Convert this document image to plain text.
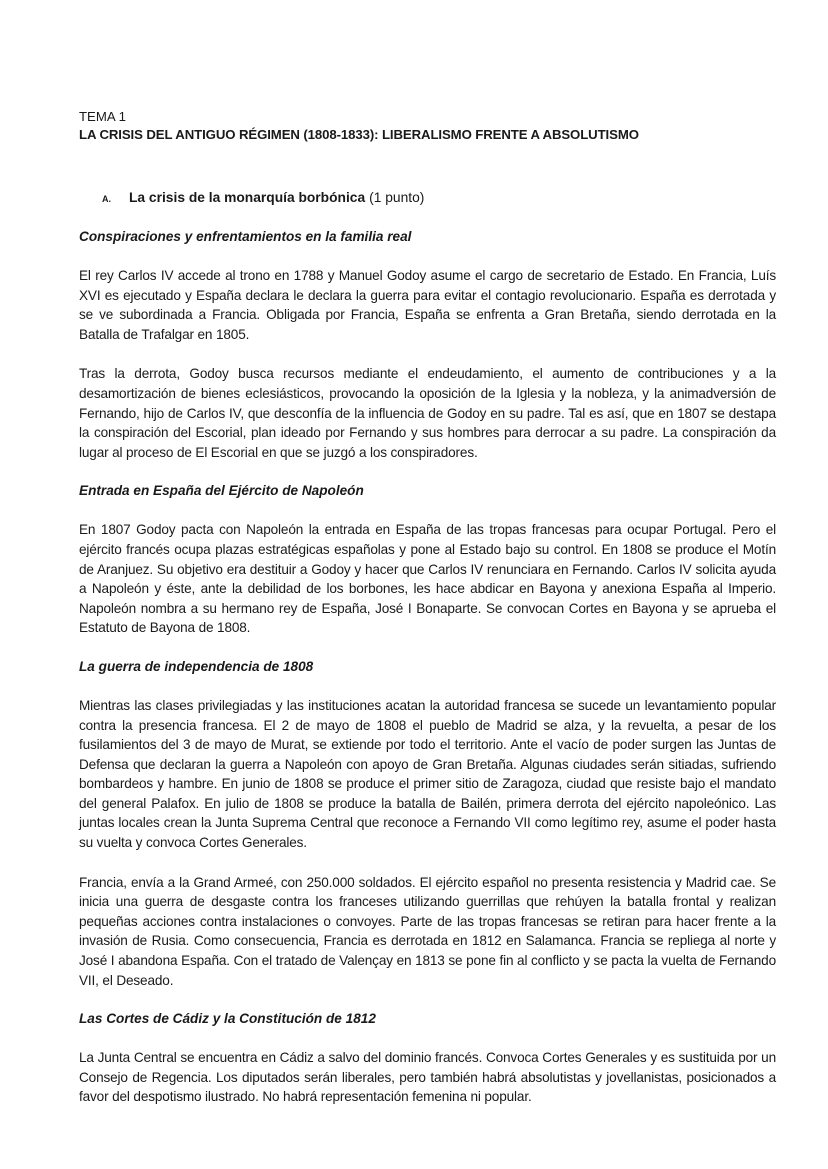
TEMA 1

LA CRISIS DEL ANTIGUO RÉGIMEN (1808-1833): LIBERALISMO FRENTE A ABSOLUTISMO

A.	La crisis de la monarquía borbónica (1 punto)

Conspiraciones y enfrentamientos en la familia real

El rey Carlos IV accede al trono en 1788 y Manuel Godoy asume el cargo de secretario de Estado. En Francia, Luís XVI es ejecutado y España declara le declara la guerra para evitar el contagio revolucionario. España es derrotada y se ve subordinada a Francia. Obligada por Francia, España se enfrenta a Gran Bretaña, siendo derrotada en la Batalla de Trafalgar en 1805.

Tras la derrota, Godoy busca recursos mediante el endeudamiento, el aumento de contribuciones y a la desamortización de bienes eclesiásticos, provocando la oposición de la Iglesia y la nobleza, y la animadversión de Fernando, hijo de Carlos IV, que desconfía de la influencia de Godoy en su padre. Tal es así, que en 1807 se destapa la conspiración del Escorial, plan ideado por Fernando y sus hombres para derrocar a su padre. La conspiración da lugar al proceso de El Escorial en que se juzgó a los conspiradores.

Entrada en España del Ejército de Napoleón

En 1807 Godoy pacta con Napoleón la entrada en España de las tropas francesas para ocupar Portugal. Pero el ejército francés ocupa plazas estratégicas españolas y pone al Estado bajo su control. En 1808 se produce el Motín de Aranjuez. Su objetivo era destituir a Godoy y hacer que Carlos IV renunciara en Fernando. Carlos IV solicita ayuda a Napoleón y éste, ante la debilidad de los borbones, les hace abdicar en Bayona y anexiona España al Imperio. Napoleón nombra a su hermano rey de España, José I Bonaparte. Se convocan Cortes en Bayona y se aprueba el Estatuto de Bayona de 1808.

La guerra de independencia de 1808

Mientras las clases privilegiadas y las instituciones acatan la autoridad francesa se sucede un levantamiento popular contra la presencia francesa. El 2 de mayo de 1808 el pueblo de Madrid se alza, y la revuelta, a pesar de los fusilamientos del 3 de mayo de Murat, se extiende por todo el territorio. Ante el vacío de poder surgen las Juntas de Defensa que declaran la guerra a Napoleón con apoyo de Gran Bretaña. Algunas ciudades serán sitiadas, sufriendo bombardeos y hambre. En junio de 1808 se produce el primer sitio de Zaragoza, ciudad que resiste bajo el mandato del general Palafox. En julio de 1808 se produce la batalla de Bailén, primera derrota del ejército napoleónico. Las juntas locales crean la Junta Suprema Central que reconoce a Fernando VII como legítimo rey, asume el poder hasta su vuelta y convoca Cortes Generales.

Francia, envía a la Grand Armeé, con 250.000 soldados. El ejército español no presenta resistencia y Madrid cae. Se inicia una guerra de desgaste contra los franceses utilizando guerrillas que rehúyen la batalla frontal y realizan pequeñas acciones contra instalaciones o convoyes. Parte de las tropas francesas se retiran para hacer frente a la invasión de Rusia. Como consecuencia, Francia es derrotada en 1812 en Salamanca. Francia se repliega al norte y José I abandona España. Con el tratado de Valençay en 1813 se pone fin al conflicto y se pacta la vuelta de Fernando VII, el Deseado.

Las Cortes de Cádiz y la Constitución de 1812

La Junta Central se encuentra en Cádiz a salvo del dominio francés. Convoca Cortes Generales y es sustituida por un Consejo de Regencia. Los diputados serán liberales, pero también habrá absolutistas y jovellanistas, posicionados a favor del despotismo ilustrado. No habrá representación femenina ni popular.
